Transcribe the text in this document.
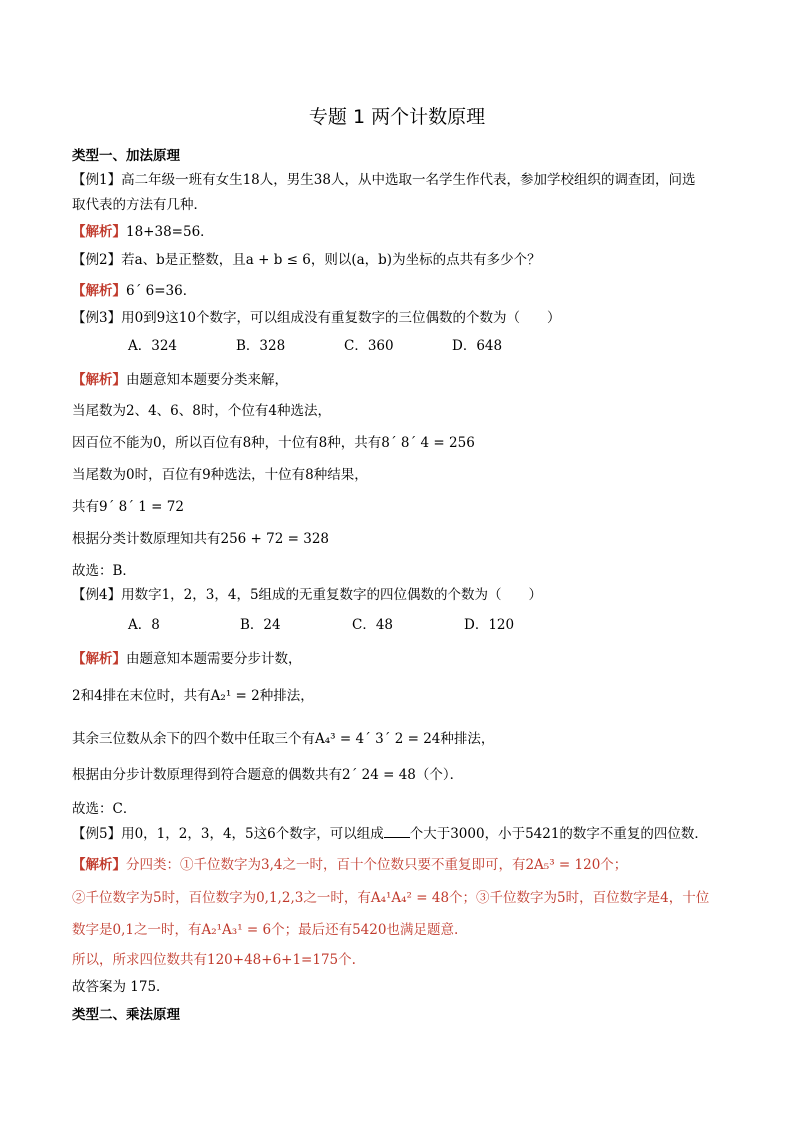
专题 1 两个计数原理
类型一、加法原理
【例1】高二年级一班有女生18人，男生38人，从中选取一名学生作代表，参加学校组织的调查团，问选
取代表的方法有几种．
【解析】18+38=56．
【例2】若a、b是正整数，且a + b ≤ 6，则以(a，b)为坐标的点共有多少个？
【解析】6´ 6=36．
【例3】用0到9这10个数字，可以组成没有重复数字的三位偶数的个数为（　　）
A．324	B．328	C．360	D．648
【解析】由题意知本题要分类来解，
当尾数为2、4、6、8时，个位有4种选法，
因百位不能为0，所以百位有8种，十位有8种，共有8´ 8´ 4 = 256
当尾数为0时，百位有9种选法，十位有8种结果，
共有9´ 8´ 1 = 72
根据分类计数原理知共有256 + 72 = 328
故选：B．
【例4】用数字1，2，3，4，5组成的无重复数字的四位偶数的个数为（　　）
A．8	B．24	C．48	D．120
【解析】由题意知本题需要分步计数，
2和4排在末位时，共有A₂¹ = 2种排法，
其余三位数从余下的四个数中任取三个有A₄³ = 4´ 3´ 2 = 24种排法，
根据由分步计数原理得到符合题意的偶数共有2´ 24 = 48（个）．
故选：C．
【例5】用0，1，2，3，4，5这6个数字，可以组成 个大于3000，小于5421的数字不重复的四位数．
【解析】分四类：①千位数字为3,4之一时，百十个位数只要不重复即可，有2A₅³ = 120个；
②千位数字为5时，百位数字为0,1,2,3之一时，有A₄¹A₄² = 48个；③千位数字为5时，百位数字是4，十位
数字是0,1之一时，有A₂¹A₃¹ = 6个；最后还有5420也满足题意.
所以，所求四位数共有120+48+6+1=175个.
故答案为 175．
类型二、乘法原理
